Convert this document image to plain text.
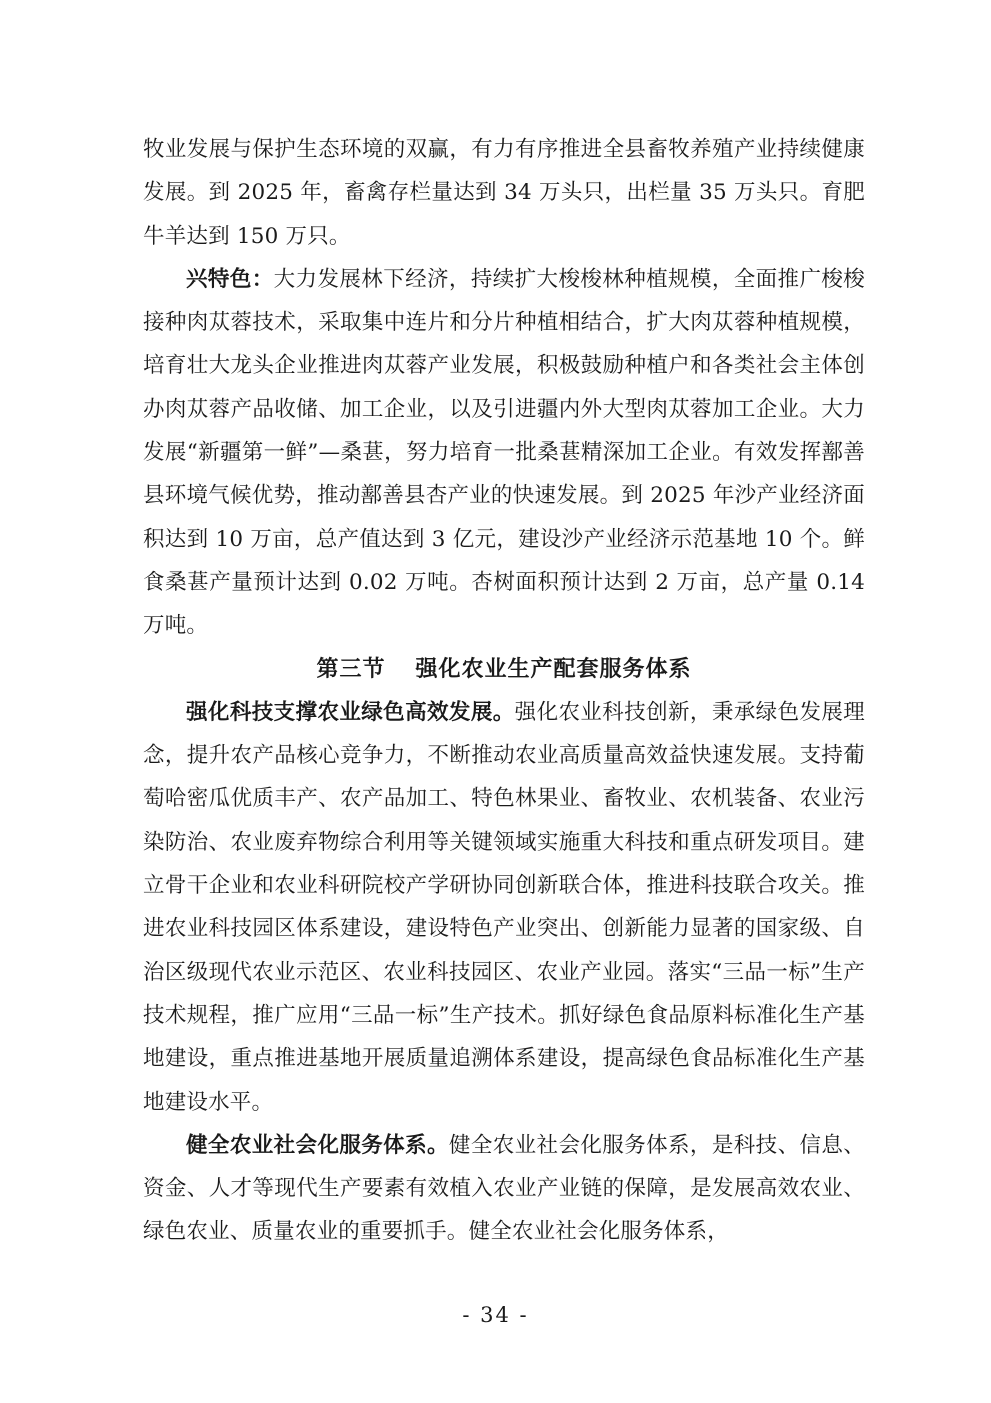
牧业发展与保护生态环境的双赢，有力有序推进全县畜牧养殖产业持续健康发展。到 2025 年，畜禽存栏量达到 34 万头只，出栏量 35 万头只。育肥牛羊达到 150 万只。

兴特色：大力发展林下经济，持续扩大梭梭林种植规模，全面推广梭梭接种肉苁蓉技术，采取集中连片和分片种植相结合，扩大肉苁蓉种植规模，培育壮大龙头企业推进肉苁蓉产业发展，积极鼓励种植户和各类社会主体创办肉苁蓉产品收储、加工企业，以及引进疆内外大型肉苁蓉加工企业。大力发展“新疆第一鲜”—桑葚，努力培育一批桑葚精深加工企业。有效发挥鄯善县环境气候优势，推动鄯善县杏产业的快速发展。到 2025 年沙产业经济面积达到 10 万亩，总产值达到 3 亿元，建设沙产业经济示范基地 10 个。鲜食桑葚产量预计达到 0.02 万吨。杏树面积预计达到 2 万亩，总产量 0.14 万吨。

第三节 强化农业生产配套服务体系

强化科技支撑农业绿色高效发展。强化农业科技创新，秉承绿色发展理念，提升农产品核心竞争力，不断推动农业高质量高效益快速发展。支持葡萄哈密瓜优质丰产、农产品加工、特色林果业、畜牧业、农机装备、农业污染防治、农业废弃物综合利用等关键领域实施重大科技和重点研发项目。建立骨干企业和农业科研院校产学研协同创新联合体，推进科技联合攻关。推进农业科技园区体系建设，建设特色产业突出、创新能力显著的国家级、自治区级现代农业示范区、农业科技园区、农业产业园。落实“三品一标”生产技术规程，推广应用“三品一标”生产技术。抓好绿色食品原料标准化生产基地建设，重点推进基地开展质量追溯体系建设，提高绿色食品标准化生产基地建设水平。

健全农业社会化服务体系。健全农业社会化服务体系，是科技、信息、资金、人才等现代生产要素有效植入农业产业链的保障，是发展高效农业、绿色农业、质量农业的重要抓手。健全农业社会化服务体系，

- 34 -
